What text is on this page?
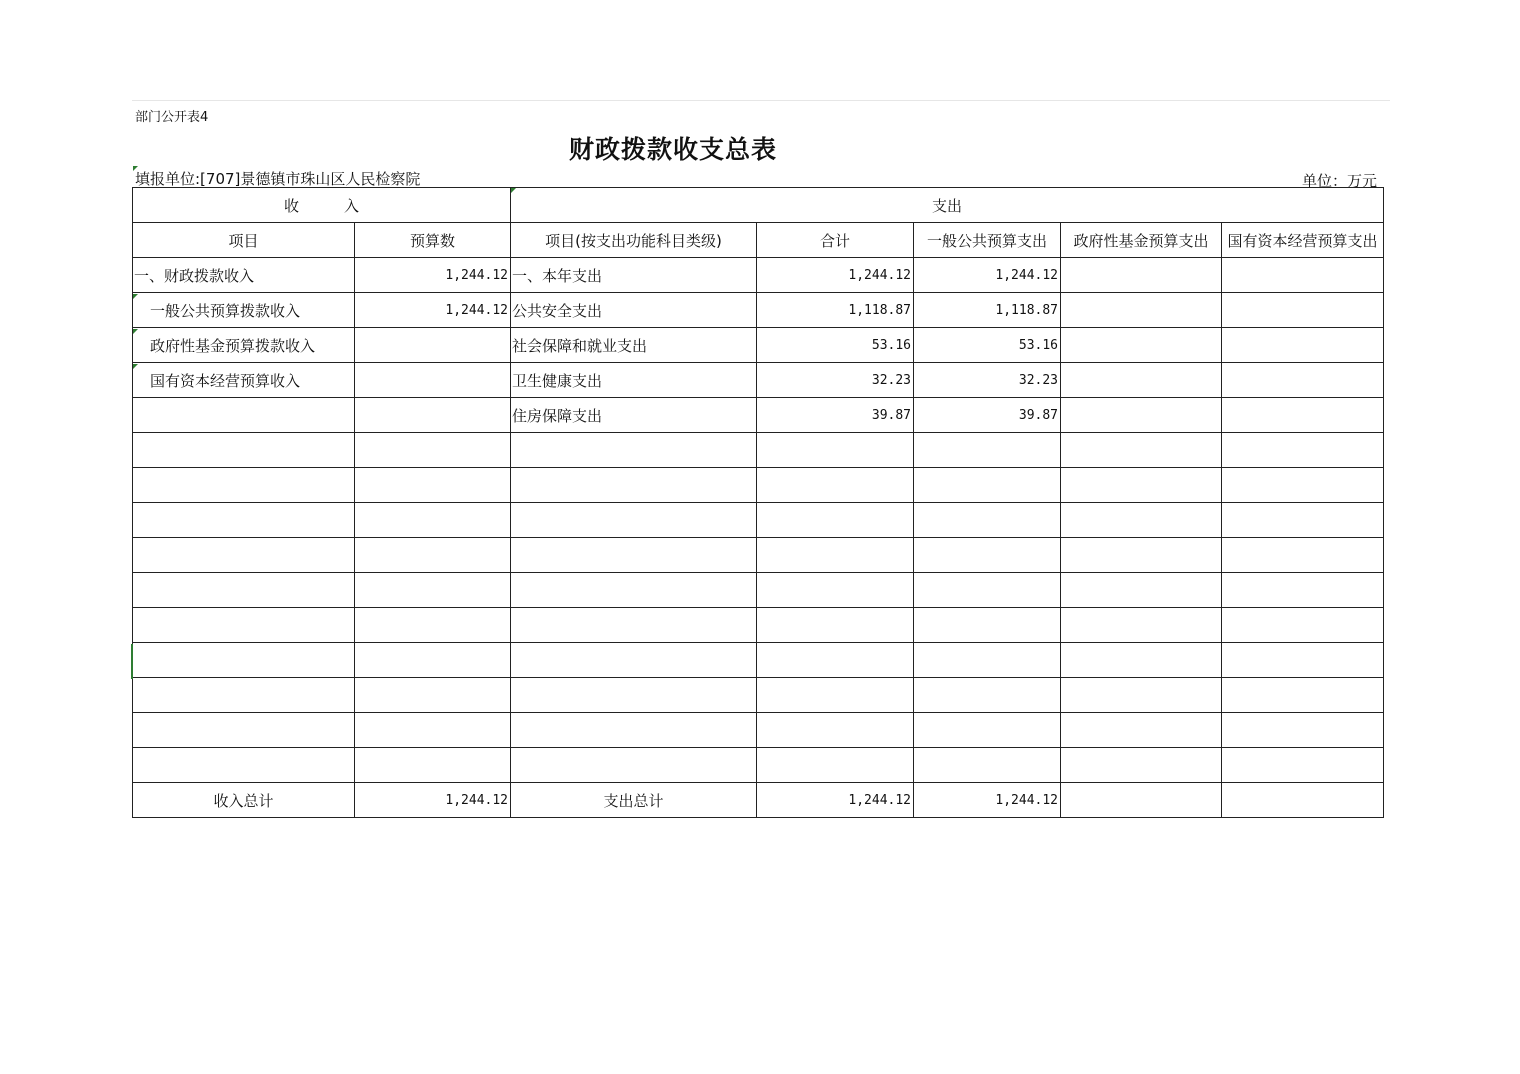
部门公开表4
财政拨款收支总表
填报单位:[707]景德镇市珠山区人民检察院	单位：万元
收　　　入		支出				
项目	预算数	项目(按支出功能科目类级)	合计	一般公共预算支出	政府性基金预算支出	国有资本经营预算支出
一、财政拨款收入	1,244.12	一、本年支出	1,244.12	1,244.12		
一般公共预算拨款收入	1,244.12	公共安全支出	1,118.87	1,118.87		
政府性基金预算拨款收入		社会保障和就业支出	53.16	53.16		
国有资本经营预算收入		卫生健康支出	32.23	32.23		
		住房保障支出	39.87	39.87		

收入总计	1,244.12	支出总计	1,244.12	1,244.12		
